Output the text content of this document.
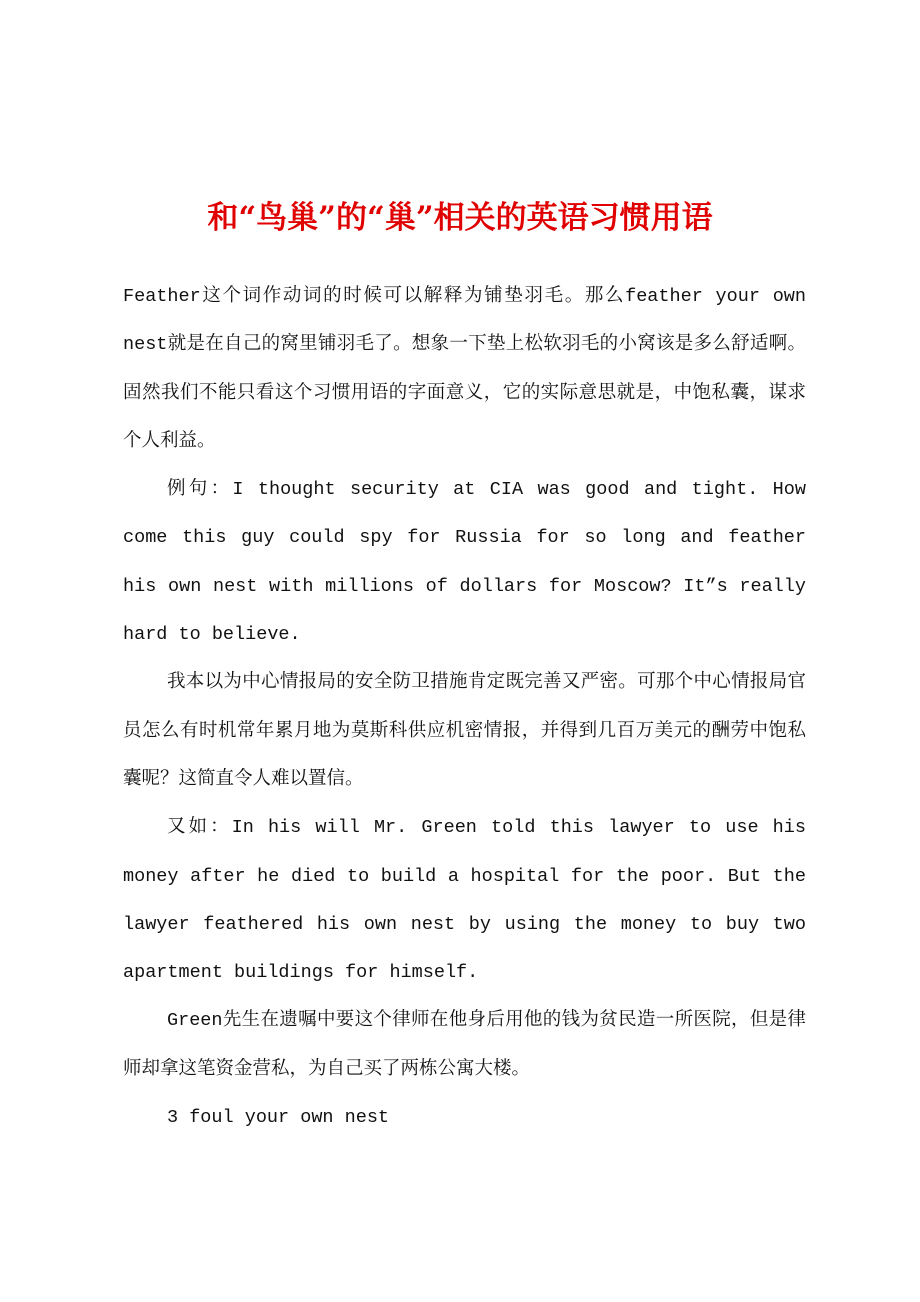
和“鸟巢”的“巢”相关的英语习惯用语

Feather这个词作动词的时候可以解释为铺垫羽毛。那么feather your own nest就是在自己的窝里铺羽毛了。想象一下垫上松软羽毛的小窝该是多么舒适啊。固然我们不能只看这个习惯用语的字面意义，它的实际意思就是，中饱私囊，谋求个人利益。

例句：I thought security at CIA was good and tight. How come this guy could spy for Russia for so long and feather his own nest with millions of dollars for Moscow? It”s really hard to believe.

我本以为中心情报局的安全防卫措施肯定既完善又严密。可那个中心情报局官员怎么有时机常年累月地为莫斯科供应机密情报，并得到几百万美元的酬劳中饱私囊呢？这简直令人难以置信。

又如：In his will Mr. Green told this lawyer to use his money after he died to build a hospital for the poor. But the lawyer feathered his own nest by using the money to buy two apartment buildings for himself.

Green先生在遗嘱中要这个律师在他身后用他的钱为贫民造一所医院，但是律师却拿这笔资金营私，为自己买了两栋公寓大楼。

3 foul your own nest
